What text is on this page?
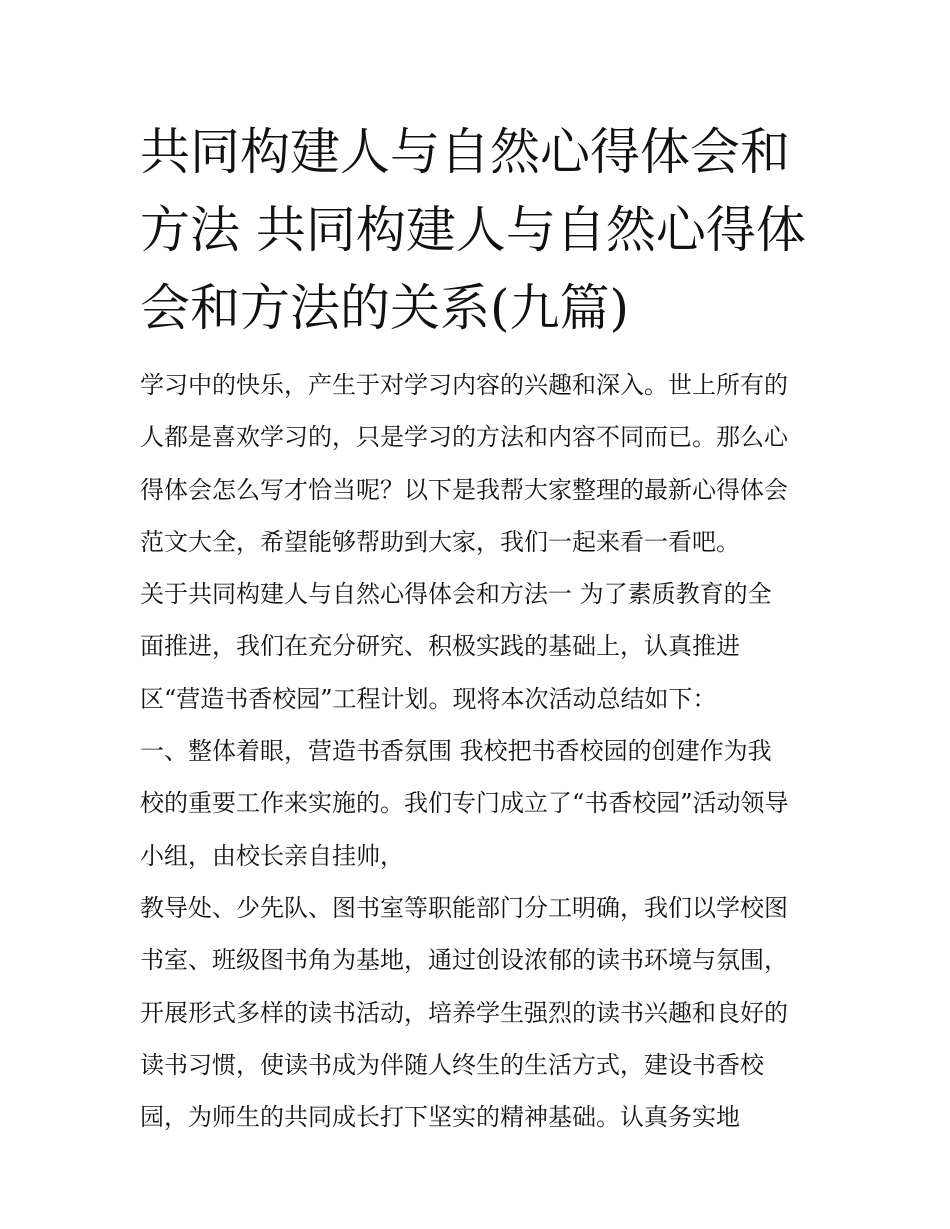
共同构建人与自然心得体会和
方法 共同构建人与自然心得体
会和方法的关系(九篇)
学习中的快乐，产生于对学习内容的兴趣和深入。世上所有的
人都是喜欢学习的，只是学习的方法和内容不同而已。那么心
得体会怎么写才恰当呢？以下是我帮大家整理的最新心得体会
范文大全，希望能够帮助到大家，我们一起来看一看吧。
关于共同构建人与自然心得体会和方法一 为了素质教育的全
面推进，我们在充分研究、积极实践的基础上，认真推进
区“营造书香校园”工程计划。现将本次活动总结如下：
一、整体着眼，营造书香氛围 我校把书香校园的创建作为我
校的重要工作来实施的。我们专门成立了“书香校园”活动领导
小组，由校长亲自挂帅，
教导处、少先队、图书室等职能部门分工明确，我们以学校图
书室、班级图书角为基地，通过创设浓郁的读书环境与氛围，
开展形式多样的读书活动，培养学生强烈的读书兴趣和良好的
读书习惯，使读书成为伴随人终生的生活方式，建设书香校
园，为师生的共同成长打下坚实的精神基础。认真务实地
